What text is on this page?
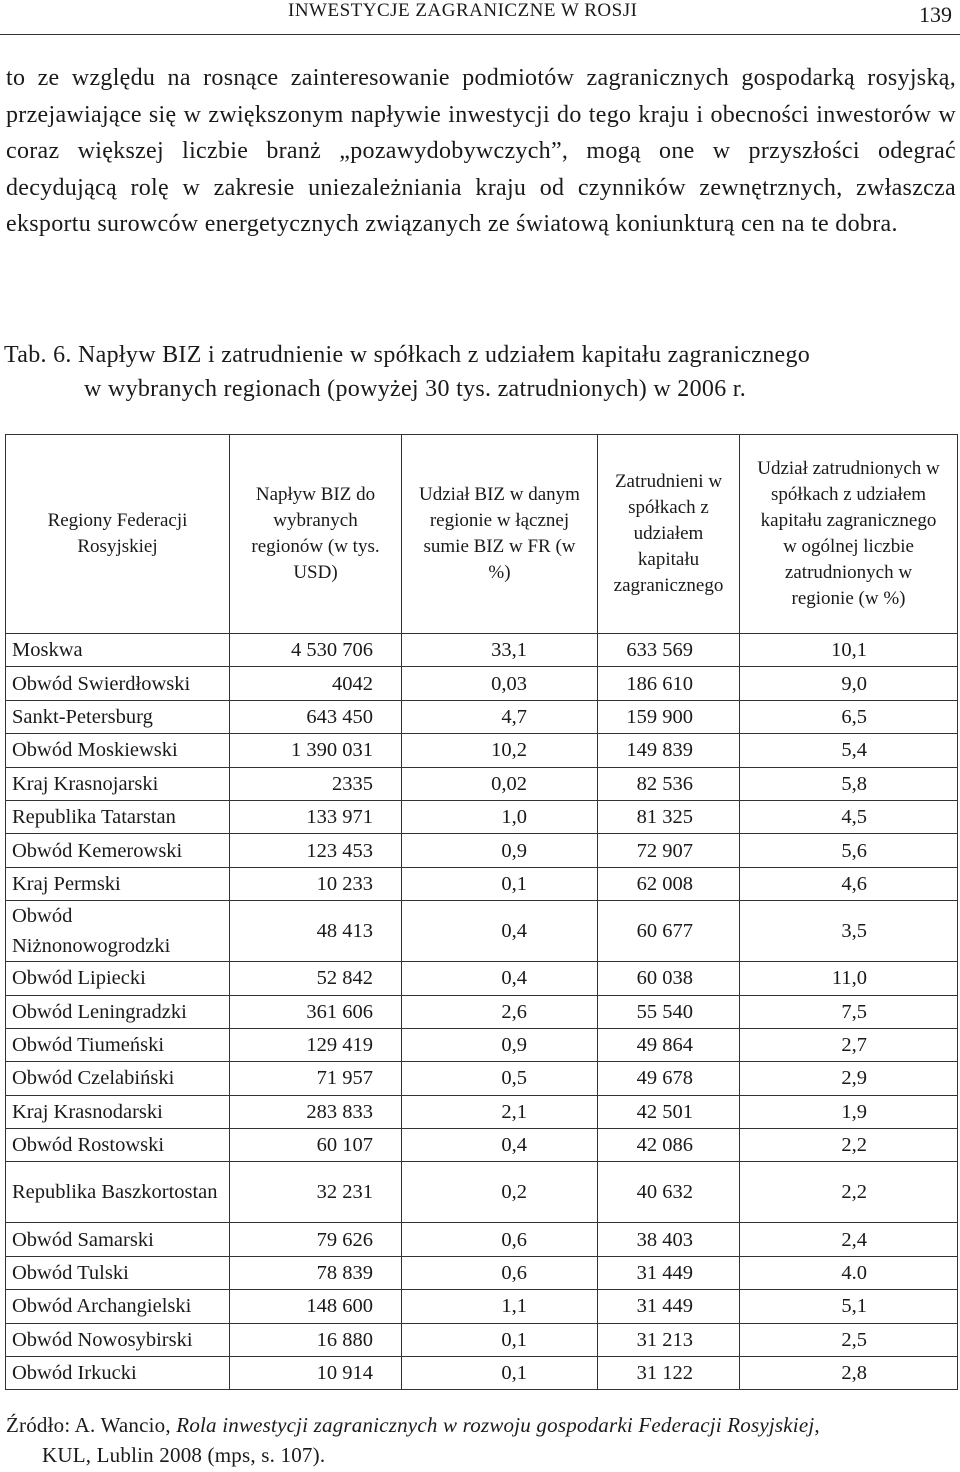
INWESTYCJE ZAGRANICZNE W ROSJI	139

to ze względu na rosnące zainteresowanie podmiotów zagranicznych gospodarką rosyjską, przejawiające się w zwiększonym napływie inwestycji do tego kraju i obecności inwestorów w coraz większej liczbie branż „pozawydobywczych”, mogą one w przyszłości odegrać decydującą rolę w zakresie uniezależniania kraju od czynników zewnętrznych, zwłaszcza eksportu surowców energetycznych związanych ze światową koniunkturą cen na te dobra.

Tab. 6. Napływ BIZ i zatrudnienie w spółkach z udziałem kapitału zagranicznego
w wybranych regionach (powyżej 30 tys. zatrudnionych) w 2006 r.
Regiony Federacji Rosyjskiej	Napływ BIZ do wybranych regionów (w tys. USD)	Udział BIZ w danym regionie w łącznej sumie BIZ w FR (w %)	Zatrudnieni w spółkach z udziałem kapitału zagranicznego	Udział zatrudnionych w spółkach z udziałem kapitału zagranicznego w ogólnej liczbie zatrudnionych w regionie (w %)
Moskwa	4 530 706	33,1	633 569	10,1
Obwód Swierdłowski	4042	0,03	186 610	9,0
Sankt-Petersburg	643 450	4,7	159 900	6,5
Obwód Moskiewski	1 390 031	10,2	149 839	5,4
Kraj Krasnojarski	2335	0,02	82 536	5,8
Republika Tatarstan	133 971	1,0	81 325	4,5
Obwód Kemerowski	123 453	0,9	72 907	5,6
Kraj Permski	10 233	0,1	62 008	4,6
Obwód Niżnonowogrodzki	48 413	0,4	60 677	3,5
Obwód Lipiecki	52 842	0,4	60 038	11,0
Obwód Leningradzki	361 606	2,6	55 540	7,5
Obwód Tiumeński	129 419	0,9	49 864	2,7
Obwód Czelabiński	71 957	0,5	49 678	2,9
Kraj Krasnodarski	283 833	2,1	42 501	1,9
Obwód Rostowski	60 107	0,4	42 086	2,2
Republika Baszkortostan	32 231	0,2	40 632	2,2
Obwód Samarski	79 626	0,6	38 403	2,4
Obwód Tulski	78 839	0,6	31 449	4.0
Obwód Archangielski	148 600	1,1	31 449	5,1
Obwód Nowosybirski	16 880	0,1	31 213	2,5
Obwód Irkucki	10 914	0,1	31 122	2,8
Źródło: A. Wancio, Rola inwestycji zagranicznych w rozwoju gospodarki Federacji Rosyjskiej,
KUL, Lublin 2008 (mps, s. 107).
